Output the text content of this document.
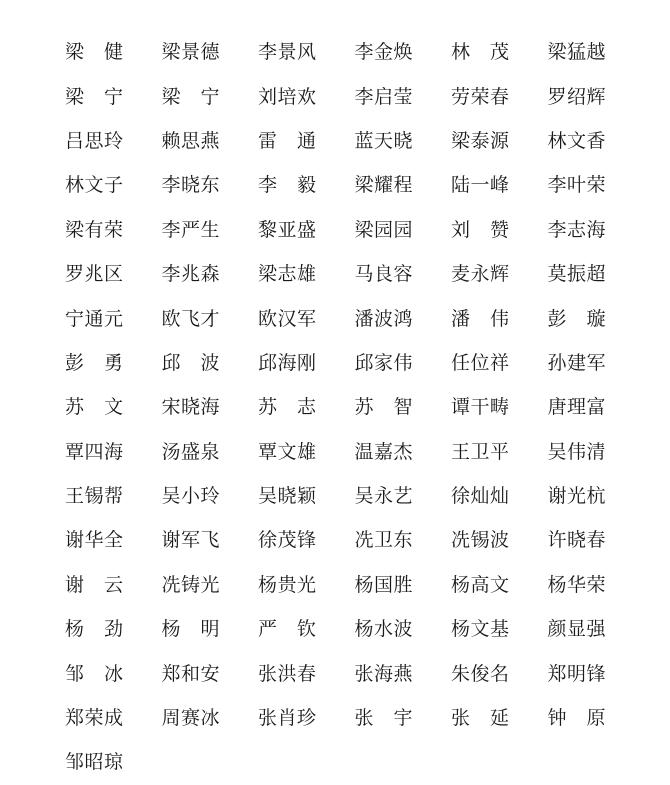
梁　健	梁景德	李景风	李金焕	林　茂	梁猛越
梁　宁	梁　宁	刘培欢	李启莹	劳荣春	罗绍辉
吕思玲	赖思燕	雷　通	蓝天晓	梁泰源	林文香
林文子	李晓东	李　毅	梁耀程	陆一峰	李叶荣
梁有荣	李严生	黎亚盛	梁园园	刘　赞	李志海
罗兆区	李兆森	梁志雄	马良容	麦永辉	莫振超
宁通元	欧飞才	欧汉军	潘波鸿	潘　伟	彭　璇
彭　勇	邱　波	邱海刚	邱家伟	任位祥	孙建军
苏　文	宋晓海	苏　志	苏　智	谭干畴	唐理富
覃四海	汤盛泉	覃文雄	温嘉杰	王卫平	吴伟清
王锡帮	吴小玲	吴晓颖	吴永艺	徐灿灿	谢光杭
谢华全	谢军飞	徐茂锋	冼卫东	冼锡波	许晓春
谢　云	冼铸光	杨贵光	杨国胜	杨高文	杨华荣
杨　劲	杨　明	严　钦	杨水波	杨文基	颜显强
邹　冰	郑和安	张洪春	张海燕	朱俊名	郑明锋
郑荣成	周赛冰	张肖珍	张　宇	张　延	钟　原
邹昭琼
